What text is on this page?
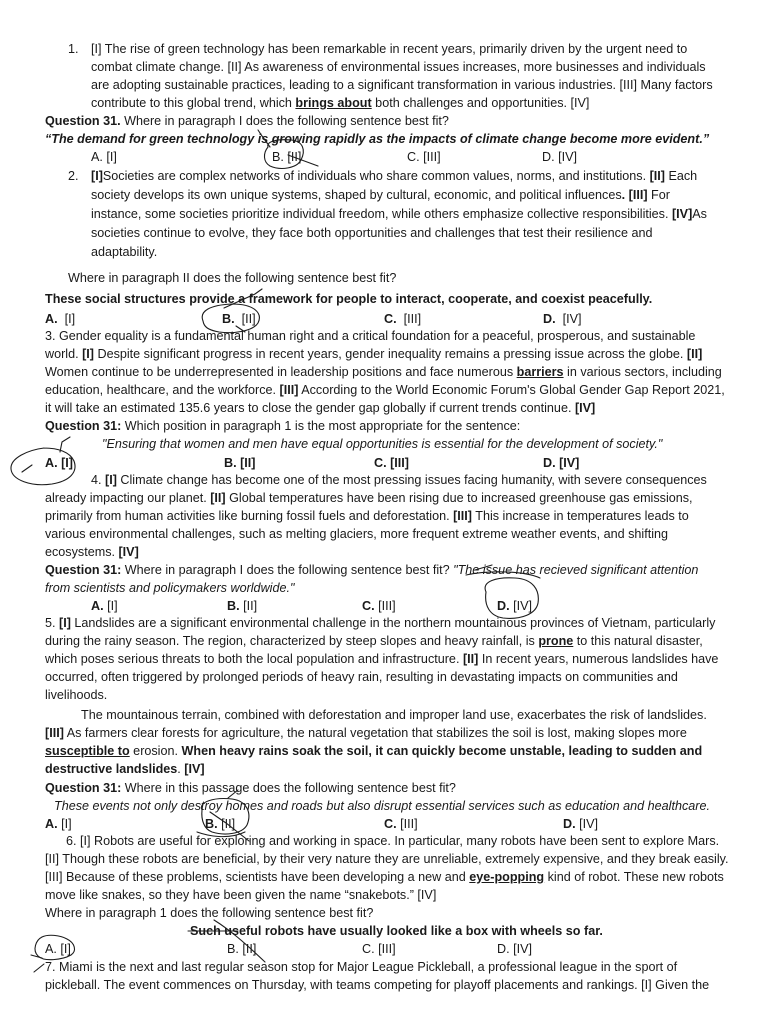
1. [I] The rise of green technology has been remarkable in recent years, primarily driven by the urgent need to
combat climate change. [II] As awareness of environmental issues increases, more businesses and individuals
are adopting sustainable practices, leading to a significant transformation in various industries. [III] Many factors
contribute to this global trend, which brings about both challenges and opportunities. [IV]
Question 31. Where in paragraph I does the following sentence best fit?
“The demand for green technology is growing rapidly as the impacts of climate change become more evident.”
A. [I]	B. [II]	C. [III]	D. [IV]
2. [I]Societies are complex networks of individuals who share common values, norms, and institutions. [II] Each
society develops its own unique systems, shaped by cultural, economic, and political influences. [III] For
instance, some societies prioritize individual freedom, while others emphasize collective responsibilities. [IV]As
societies continue to evolve, they face both opportunities and challenges that test their resilience and
adaptability.
Where in paragraph II does the following sentence best fit?
These social structures provide a framework for people to interact, cooperate, and coexist peacefully.
A. [I]	B. [II]	C. [III]	D. [IV]
3. Gender equality is a fundamental human right and a critical foundation for a peaceful, prosperous, and sustainable
world. [I] Despite significant progress in recent years, gender inequality remains a pressing issue across the globe. [II]
Women continue to be underrepresented in leadership positions and face numerous barriers in various sectors, including
education, healthcare, and the workforce. [III] According to the World Economic Forum's Global Gender Gap Report 2021,
it will take an estimated 135.6 years to close the gender gap globally if current trends continue. [IV]
Question 31: Which position in paragraph 1 is the most appropriate for the sentence:
"Ensuring that women and men have equal opportunities is essential for the development of society."
A. [I]	B. [II]	C. [III]	D. [IV]
4. [I] Climate change has become one of the most pressing issues facing humanity, with severe consequences
already impacting our planet. [II] Global temperatures have been rising due to increased greenhouse gas emissions,
primarily from human activities like burning fossil fuels and deforestation. [III] This increase in temperatures leads to
various environmental challenges, such as melting glaciers, more frequent extreme weather events, and shifting
ecosystems. [IV]
Question 31: Where in paragraph I does the following sentence best fit? "The issue has recieved significant attention
from scientists and policymakers worldwide."
A. [I]	B. [II]	C. [III]	D. [IV]
5. [I] Landslides are a significant environmental challenge in the northern mountainous provinces of Vietnam, particularly
during the rainy season. The region, characterized by steep slopes and heavy rainfall, is prone to this natural disaster,
which poses serious threats to both the local population and infrastructure. [II] In recent years, numerous landslides have
occurred, often triggered by prolonged periods of heavy rain, resulting in devastating impacts on communities and
livelihoods.
The mountainous terrain, combined with deforestation and improper land use, exacerbates the risk of landslides.
[III] As farmers clear forests for agriculture, the natural vegetation that stabilizes the soil is lost, making slopes more
susceptible to erosion. When heavy rains soak the soil, it can quickly become unstable, leading to sudden and
destructive landslides. [IV]
Question 31: Where in this passage does the following sentence best fit?
These events not only destroy homes and roads but also disrupt essential services such as education and healthcare.
A. [I]	B. [II]	C. [III]	D. [IV]
6. [I] Robots are useful for exploring and working in space. In particular, many robots have been sent to explore Mars.
[II] Though these robots are beneficial, by their very nature they are unreliable, extremely expensive, and they break easily.
[III] Because of these problems, scientists have been developing a new and eye-popping kind of robot. These new robots
move like snakes, so they have been given the name “snakebots.” [IV]
Where in paragraph 1 does the following sentence best fit?
Such useful robots have usually looked like a box with wheels so far.
A. [I]	B. [II]	C. [III]	D. [IV]
7. Miami is the next and last regular season stop for Major League Pickleball, a professional league in the sport of
pickleball. The event commences on Thursday, with teams competing for playoff placements and rankings. [I] Given the
